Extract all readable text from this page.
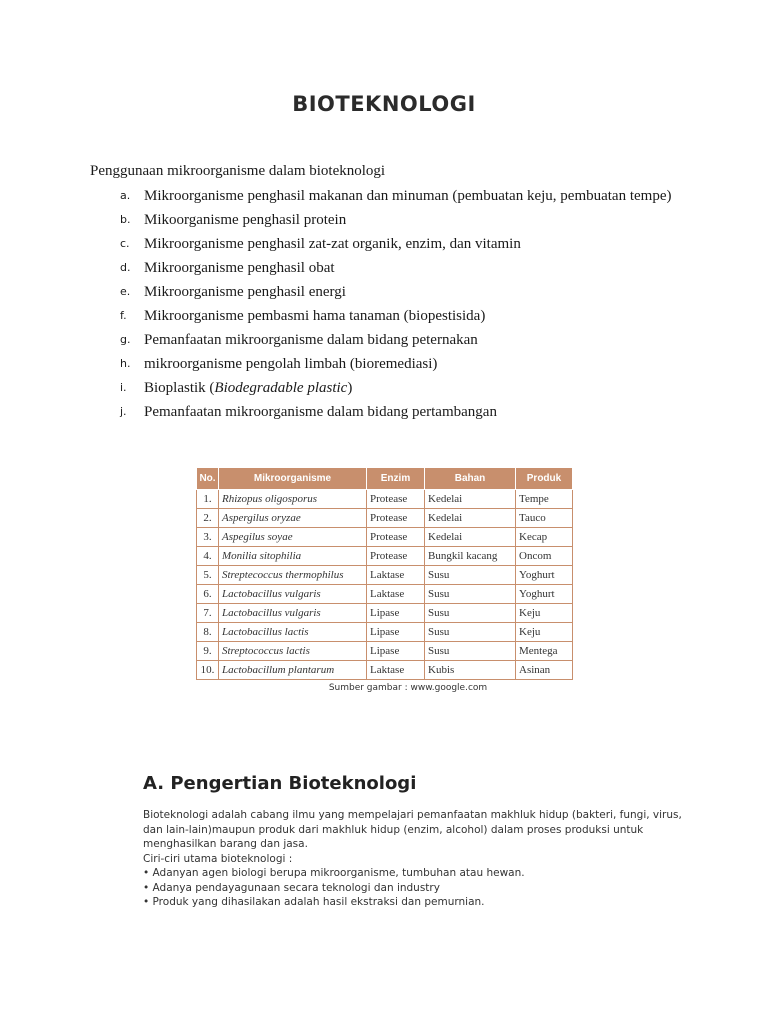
BIOTEKNOLOGI
Penggunaan mikroorganisme dalam bioteknologi
a. Mikroorganisme penghasil makanan dan minuman (pembuatan keju, pembuatan tempe)
b. Mikoorganisme penghasil protein
c. Mikroorganisme penghasil zat-zat organik, enzim, dan vitamin
d. Mikroorganisme penghasil obat
e. Mikroorganisme penghasil energi
f.	Mikroorganisme pembasmi hama tanaman (biopestisida)
g. Pemanfaatan mikroorganisme dalam bidang peternakan
h. mikroorganisme pengolah limbah (bioremediasi)
i.	Bioplastik (Biodegradable plastic)
j.	Pemanfaatan mikroorganisme dalam bidang pertambangan
No.	Mikroorganisme	Enzim	Bahan	Produk
1.	Rhizopus oligosporus	Protease	Kedelai	Tempe
2.	Aspergilus oryzae	Protease	Kedelai	Tauco
3.	Aspegilus soyae	Protease	Kedelai	Kecap
4.	Monilia sitophilia	Protease	Bungkil kacang	Oncom
5.	Streptecoccus thermophilus	Laktase	Susu	Yoghurt
6.	Lactobacillus vulgaris	Laktase	Susu	Yoghurt
7.	Lactobacillus vulgaris	Lipase	Susu	Keju
8.	Lactobacillus lactis	Lipase	Susu	Keju
9.	Streptococcus lactis	Lipase	Susu	Mentega
10.	Lactobacillum plantarum	Laktase	Kubis	Asinan
Sumber gambar : www.google.com
A. Pengertian Bioteknologi

Bioteknologi adalah cabang ilmu yang mempelajari pemanfaatan makhluk hidup (bakteri, fungi, virus, dan lain-lain)maupun produk dari makhluk hidup (enzim, alcohol) dalam proses produksi untuk menghasilkan barang dan jasa.

Ciri-ciri utama bioteknologi :

• Adanyan agen biologi berupa mikroorganisme, tumbuhan atau hewan.

• Adanya pendayagunaan secara teknologi dan industry

• Produk yang dihasilakan adalah hasil ekstraksi dan pemurnian.
